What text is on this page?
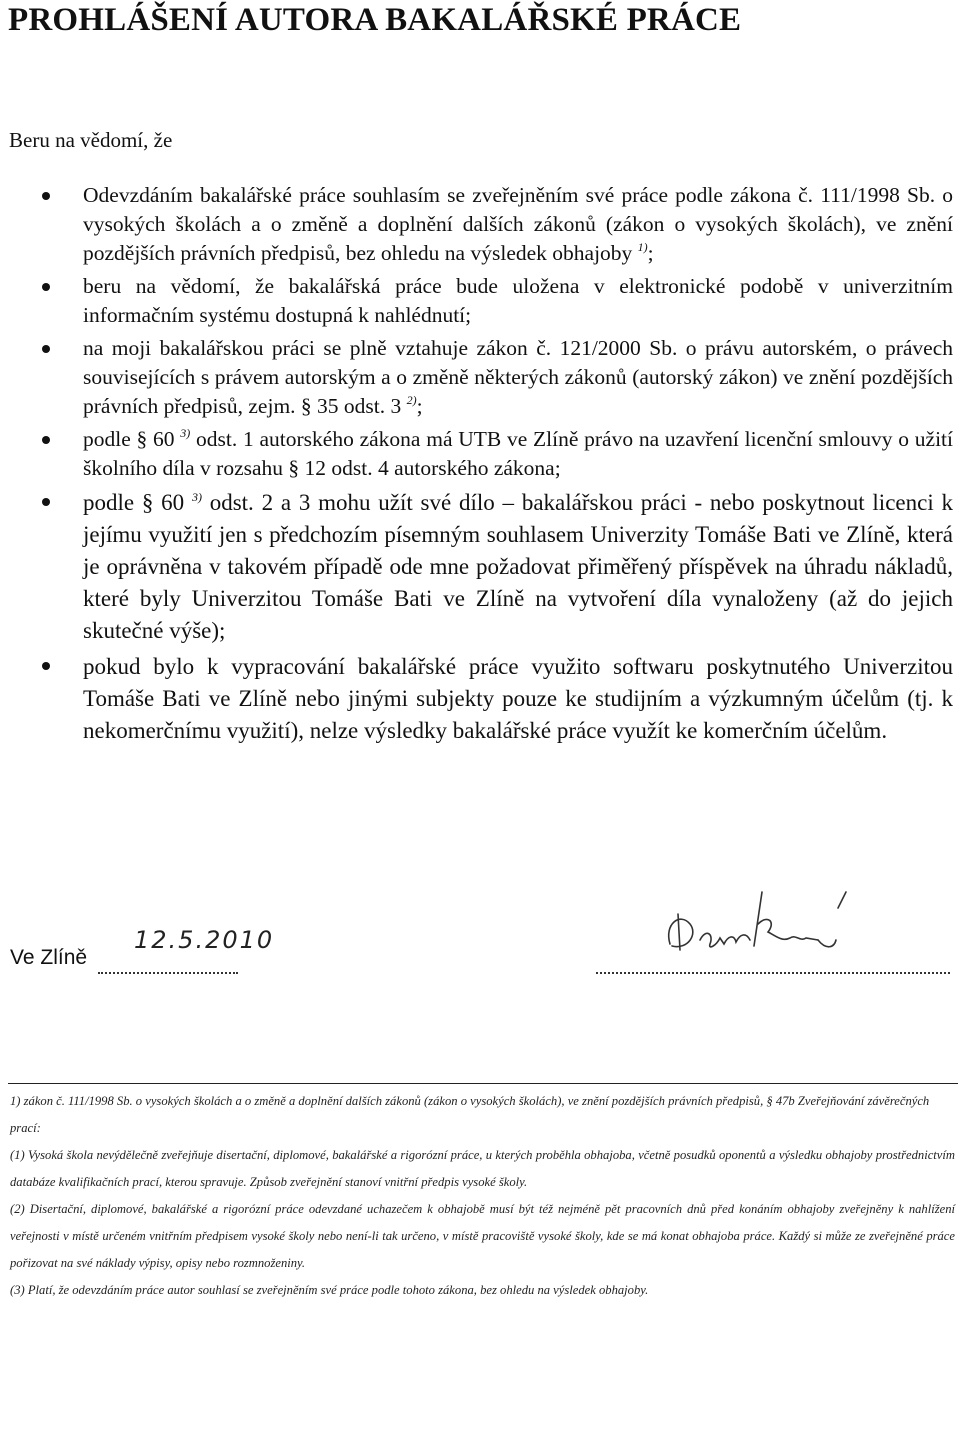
PROHLÁŠENÍ AUTORA BAKALÁŘSKÉ PRÁCE
Beru na vědomí, že
Odevzdáním bakalářské práce souhlasím se zveřejněním své práce podle zákona č. 111/1998 Sb. o vysokých školách a o změně a doplnění dalších zákonů (zákon o vysokých školách), ve znění pozdějších právních předpisů, bez ohledu na výsledek obhajoby $^{1)}$;
beru na vědomí, že bakalářská práce bude uložena v elektronické podobě v univerzitním informačním systému dostupná k nahlédnutí;
na moji bakalářskou práci se plně vztahuje zákon č. 121/2000 Sb. o právu autorském, o právech souvisejících s právem autorským a o změně některých zákonů (autorský zákon) ve znění pozdějších právních předpisů, zejm. § 35 odst. 3 $^{2)}$;
podle § 60 $^{3)}$ odst. 1 autorského zákona má UTB ve Zlíně právo na uzavření licenční smlouvy o užití školního díla v rozsahu § 12 odst. 4 autorského zákona;
podle § 60 $^{3)}$ odst. 2 a 3 mohu užít své dílo – bakalářskou práci - nebo poskytnout licenci k jejímu využití jen s předchozím písemným souhlasem Univerzity Tomáše Bati ve Zlíně, která je oprávněna v takovém případě ode mne požadovat přiměřený příspěvek na úhradu nákladů, které byly Univerzitou Tomáše Bati ve Zlíně na vytvoření díla vynaloženy (až do jejich skutečné výše);
pokud bylo k vypracování bakalářské práce využito softwaru poskytnutého Univerzitou Tomáše Bati ve Zlíně nebo jinými subjekty pouze ke studijním a výzkumným účelům (tj. k nekomerčnímu využití), nelze výsledky bakalářské práce využít ke komerčním účelům.
Ve Zlíně
12.5.2010

1) zákon č. 111/1998 Sb. o vysokých školách a o změně a doplnění dalších zákonů (zákon o vysokých školách), ve znění pozdějších právních předpisů, § 47b Zveřejňování závěrečných prací:

(1) Vysoká škola nevýdělečně zveřejňuje disertační, diplomové, bakalářské a rigorózní práce, u kterých proběhla obhajoba, včetně posudků oponentů a výsledku obhajoby prostřednictvím databáze kvalifikačních prací, kterou spravuje. Způsob zveřejnění stanoví vnitřní předpis vysoké školy.

(2) Disertační, diplomové, bakalářské a rigorózní práce odevzdané uchazečem k obhajobě musí být též nejméně pět pracovních dnů před konáním obhajoby zveřejněny k nahlížení veřejnosti v místě určeném vnitřním předpisem vysoké školy nebo není-li tak určeno, v místě pracoviště vysoké školy, kde se má konat obhajoba práce. Každý si může ze zveřejněné práce pořizovat na své náklady výpisy, opisy nebo rozmnoženiny.

(3) Platí, že odevzdáním práce autor souhlasí se zveřejněním své práce podle tohoto zákona, bez ohledu na výsledek obhajoby.
